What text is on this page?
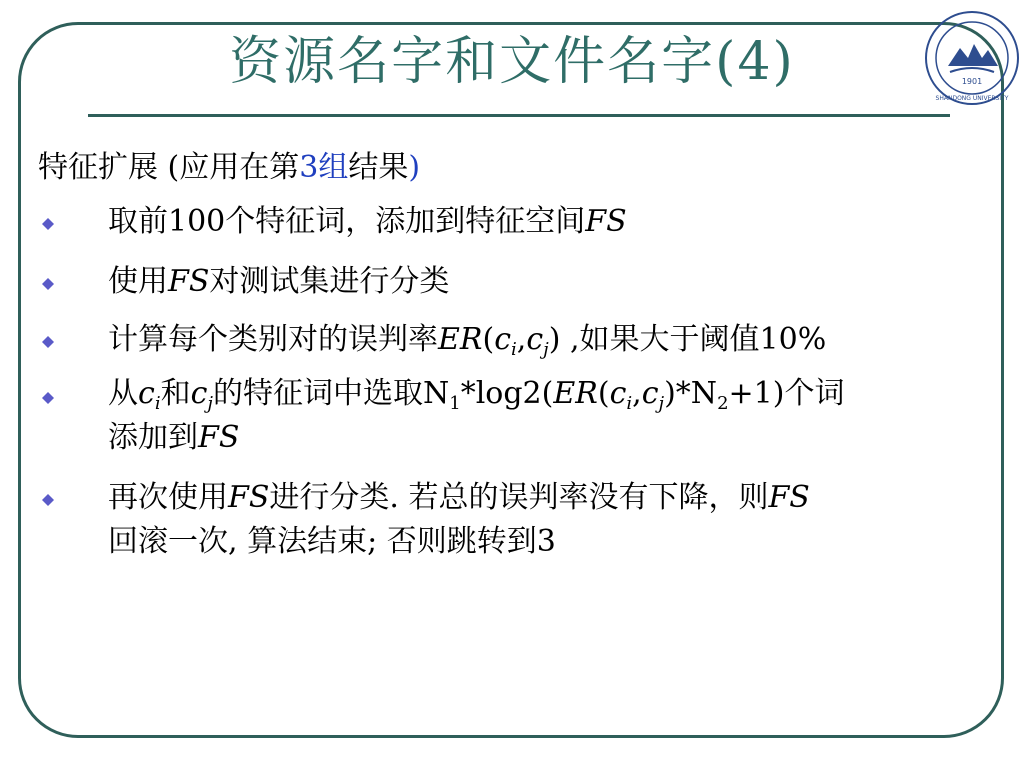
资源名字和文件名字(4)	1901
SHANDONG UNIVERSITY
特征扩展 (应用在第3组结果)
取前100个特征词，添加到特征空间FS
使用FS对测试集进行分类
计算每个类别对的误判率$ER(c_i,c_j)$ ,如果大于阈值10%
从$c_i$和$c_j$的特征词中选取$N_1*\log 2(ER(c_i,c_j)*N_2+1)$个词
添加到FS
再次使用FS进行分类. 若总的误判率没有下降，则FS
回滚一次, 算法结束; 否则跳转到3
